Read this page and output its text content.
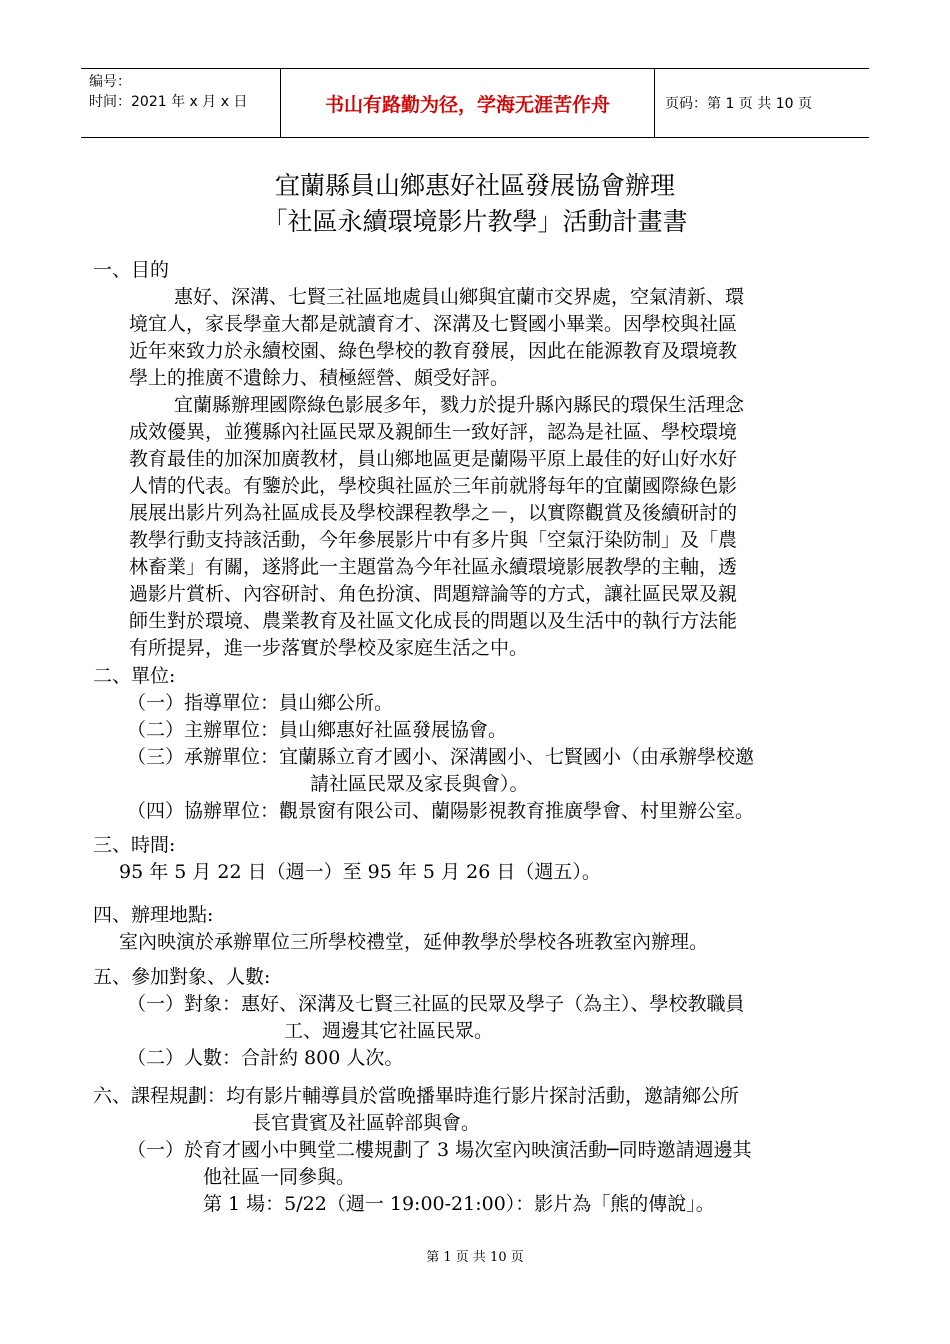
编号：
时间：2021 年 x 月 x 日	书山有路勤为径，学海无涯苦作舟	页码：第 1 页 共 10 页
宜蘭縣員山鄉惠好社區發展協會辦理
「社區永續環境影片教學」活動計畫書
一、目的
惠好、深溝、七賢三社區地處員山鄉與宜蘭市交界處，空氣清新、環
境宜人，家長學童大都是就讀育才、深溝及七賢國小畢業。因學校與社區
近年來致力於永續校園、綠色學校的教育發展，因此在能源教育及環境教
學上的推廣不遺餘力、積極經營、頗受好評。
宜蘭縣辦理國際綠色影展多年，戮力於提升縣內縣民的環保生活理念
成效優異，並獲縣內社區民眾及親師生一致好評，認為是社區、學校環境
教育最佳的加深加廣教材，員山鄉地區更是蘭陽平原上最佳的好山好水好
人情的代表。有鑒於此，學校與社區於三年前就將每年的宜蘭國際綠色影
展展出影片列為社區成長及學校課程教學之－，以實際觀賞及後續研討的
教學行動支持該活動，今年參展影片中有多片與「空氣汙染防制」及「農
林畜業」有關，遂將此一主題當為今年社區永續環境影展教學的主軸，透
過影片賞析、內容研討、角色扮演、問題辯論等的方式，讓社區民眾及親
師生對於環境、農業教育及社區文化成長的問題以及生活中的執行方法能
有所提昇，進一步落實於學校及家庭生活之中。
二、單位:
（一）指導單位：員山鄉公所。
（二）主辦單位：員山鄉惠好社區發展協會。
（三）承辦單位：宜蘭縣立育才國小、深溝國小、七賢國小（由承辦學校邀
請社區民眾及家長與會）。
（四）協辦單位：觀景窗有限公司、蘭陽影視教育推廣學會、村里辦公室。
三、時間:
95 年 5 月 22 日（週一）至 95 年 5 月 26 日（週五）。
四、辦理地點:
室內映演於承辦單位三所學校禮堂，延伸教學於學校各班教室內辦理。
五、參加對象、人數:
（一）對象：惠好、深溝及七賢三社區的民眾及學子（為主）、學校教職員
工、週邊其它社區民眾。
（二）人數：合計約 800 人次。
六、課程規劃：均有影片輔導員於當晚播畢時進行影片探討活動，邀請鄉公所
長官貴賓及社區幹部與會。
（一）於育才國小中興堂二樓規劃了 3 場次室內映演活動─同時邀請週邊其
他社區一同參與。
第 1 場：5/22（週一 19:00-21:00）：影片為「熊的傳說」。
第 1 页 共 10 页
